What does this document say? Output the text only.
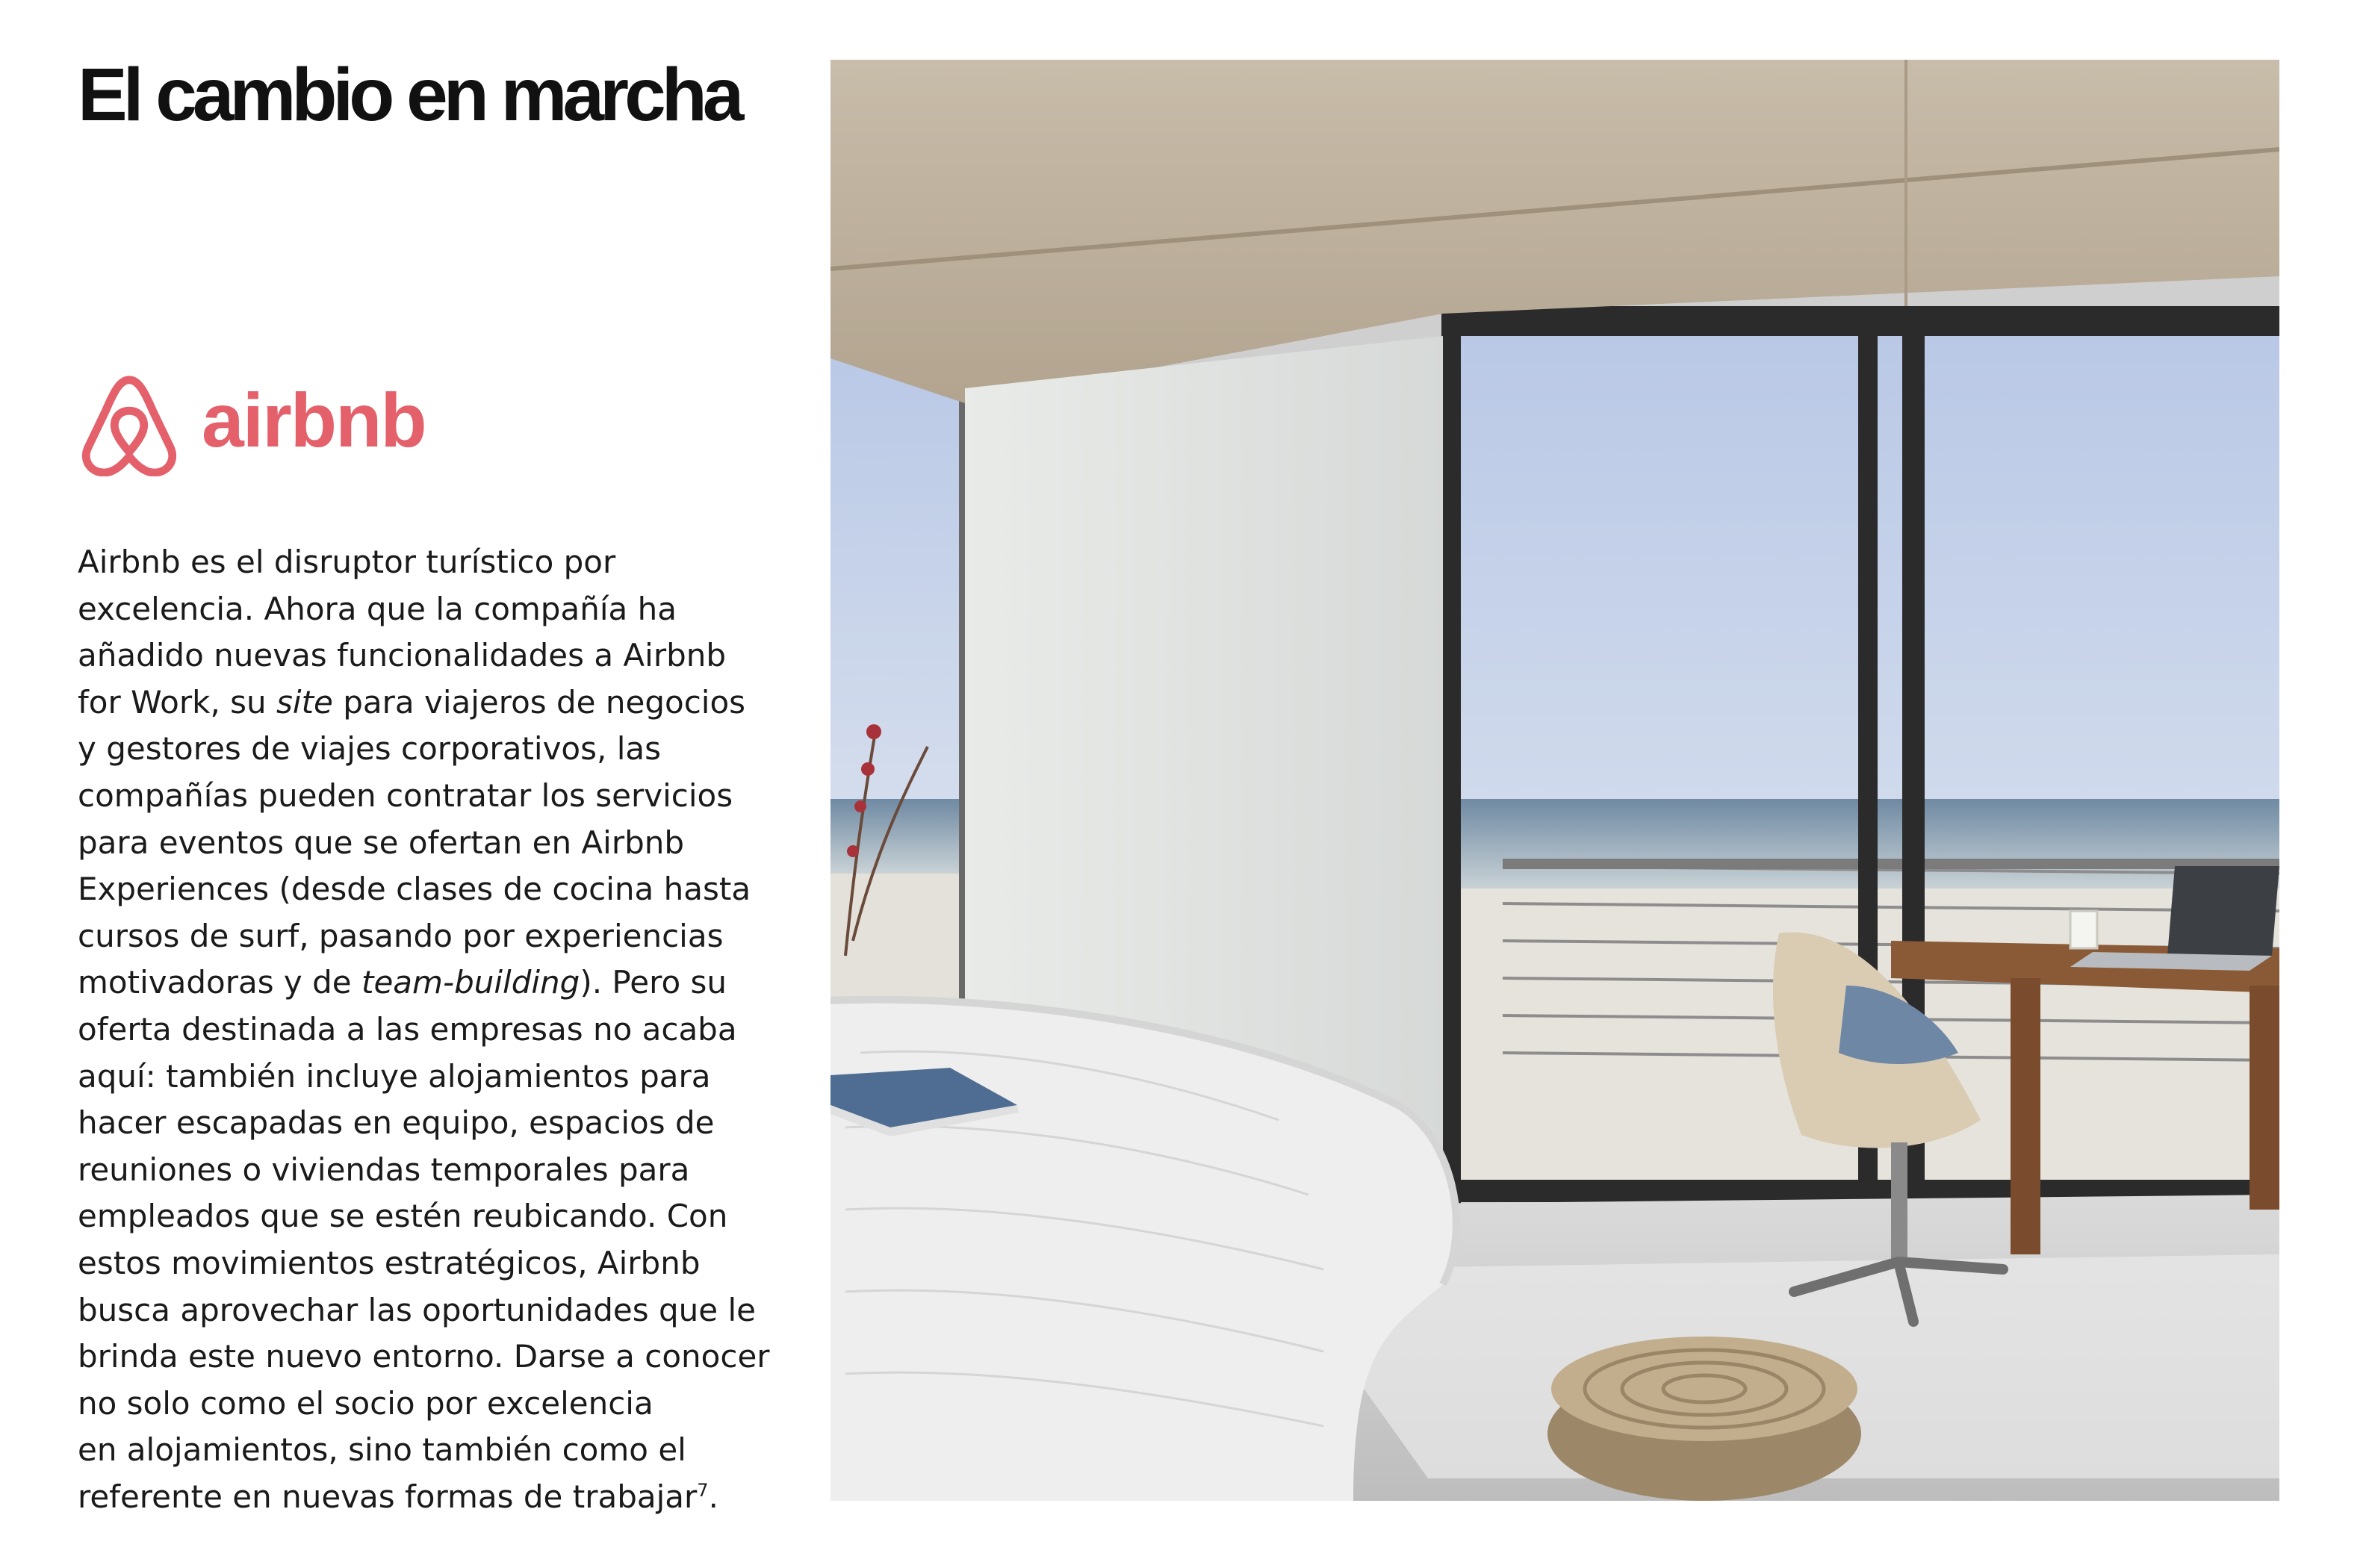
El cambio en marcha
airbnb

Airbnb es el disruptor turístico por
excelencia. Ahora que la compañía ha
añadido nuevas funcionalidades a Airbnb
for Work, su site para viajeros de negocios
y gestores de viajes corporativos, las
compañías pueden contratar los servicios
para eventos que se ofertan en Airbnb
Experiences (desde clases de cocina hasta
cursos de surf, pasando por experiencias
motivadoras y de team-building). Pero su
oferta destinada a las empresas no acaba
aquí: también incluye alojamientos para
hacer escapadas en equipo, espacios de
reuniones o viviendas temporales para
empleados que se estén reubicando. Con
estos movimientos estratégicos, Airbnb
busca aprovechar las oportunidades que le
brinda este nuevo entorno. Darse a conocer
no solo como el socio por excelencia
en alojamientos, sino también como el
referente en nuevas formas de trabajar$^7$.
